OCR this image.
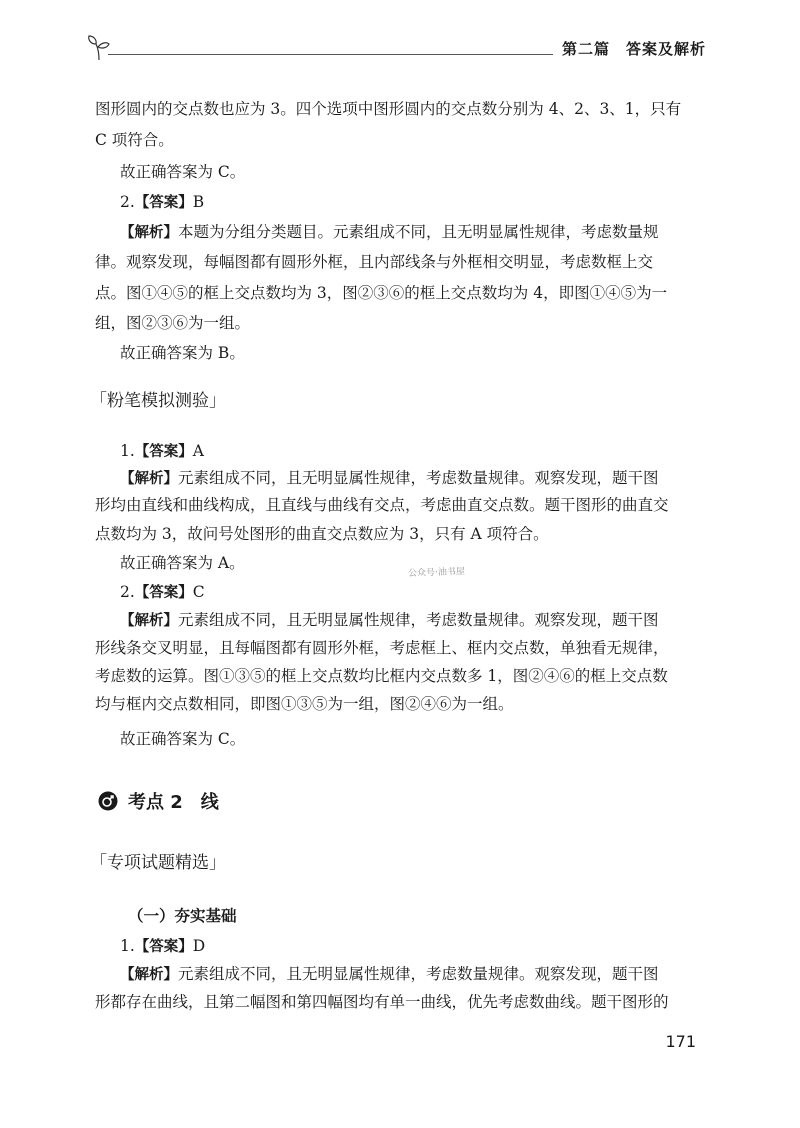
第二篇　答案及解析
图形圆内的交点数也应为 3。四个选项中图形圆内的交点数分别为 4、2、3、1，只有
C 项符合。
故正确答案为 C。
2.【答案】B
【解析】本题为分组分类题目。元素组成不同，且无明显属性规律，考虑数量规
律。观察发现，每幅图都有圆形外框，且内部线条与外框相交明显，考虑数框上交
点。图①④⑤的框上交点数均为 3，图②③⑥的框上交点数均为 4，即图①④⑤为一
组，图②③⑥为一组。
故正确答案为 B。
「粉笔模拟测验」
1.【答案】A
【解析】元素组成不同，且无明显属性规律，考虑数量规律。观察发现，题干图
形均由直线和曲线构成，且直线与曲线有交点，考虑曲直交点数。题干图形的曲直交
点数均为 3，故问号处图形的曲直交点数应为 3，只有 A 项符合。
故正确答案为 A。
公众号·油书屋
2.【答案】C
【解析】元素组成不同，且无明显属性规律，考虑数量规律。观察发现，题干图
形线条交叉明显，且每幅图都有圆形外框，考虑框上、框内交点数，单独看无规律，
考虑数的运算。图①③⑤的框上交点数均比框内交点数多 1，图②④⑥的框上交点数
均与框内交点数相同，即图①③⑤为一组，图②④⑥为一组。
故正确答案为 C。
考点 2　线
「专项试题精选」
（一）夯实基础
1.【答案】D
【解析】元素组成不同，且无明显属性规律，考虑数量规律。观察发现，题干图
形都存在曲线，且第二幅图和第四幅图均有单一曲线，优先考虑数曲线。题干图形的
171
